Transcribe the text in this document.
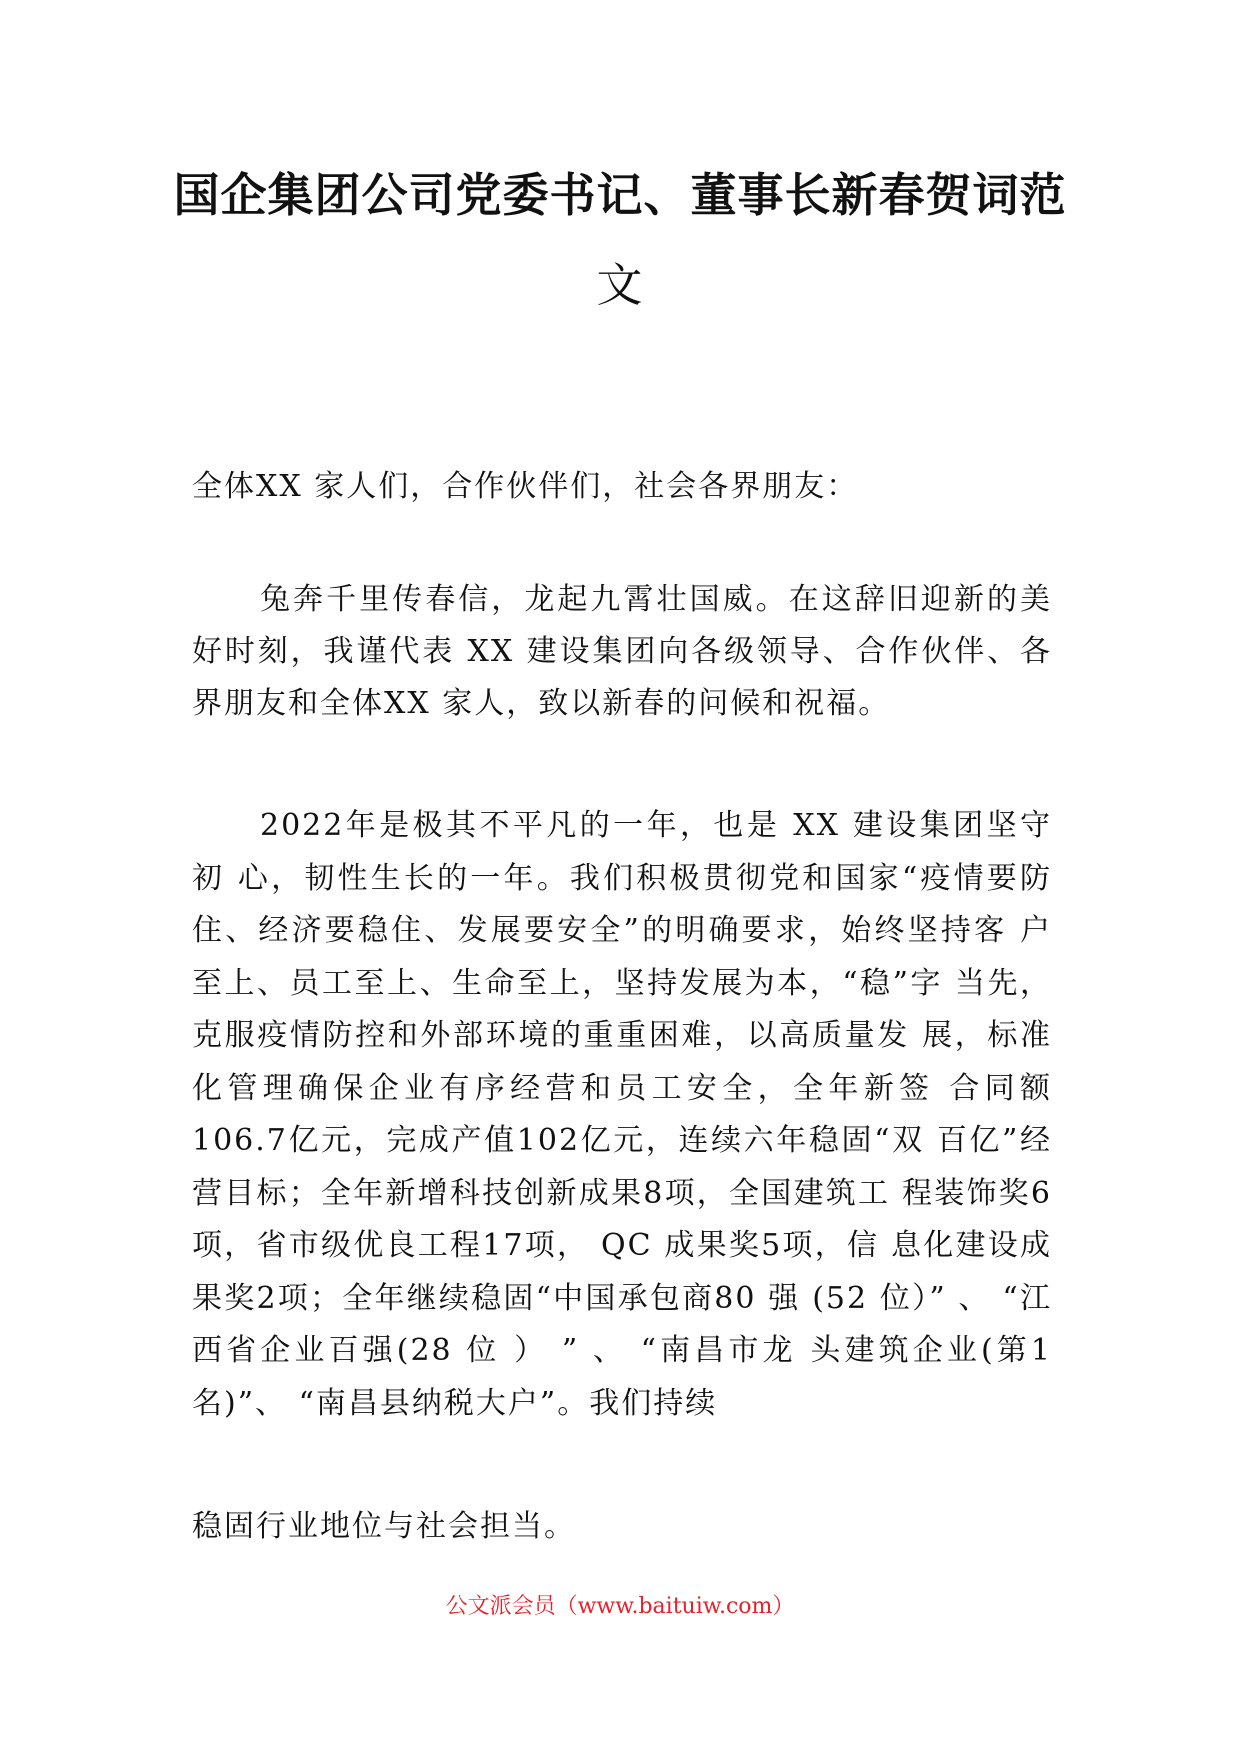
国企集团公司党委书记、董事长新春贺词范
文

全体XX 家人们，合作伙伴们，社会各界朋友：

兔奔千里传春信，龙起九霄壮国威。在这辞旧迎新的美好时刻，我谨代表 XX 建设集团向各级领导、合作伙伴、各界朋友和全体XX 家人，致以新春的问候和祝福。

2022年是极其不平凡的一年，也是 XX 建设集团坚守初 心，韧性生长的一年。我们积极贯彻党和国家“疫情要防 住、经济要稳住、发展要安全”的明确要求，始终坚持客 户至上、员工至上、生命至上，坚持发展为本，“稳”字 当先，克服疫情防控和外部环境的重重困难，以高质量发 展，标准化管理确保企业有序经营和员工安全，全年新签 合同额106.7亿元，完成产值102亿元，连续六年稳固“双 百亿”经营目标；全年新增科技创新成果8项，全国建筑工 程装饰奖6项，省市级优良工程17项， QC 成果奖5项，信 息化建设成果奖2项；全年继续稳固“中国承包商80 强 (52 位）” 、 “江西省企业百强(28 位 ） ” 、 “南昌市龙 头建筑企业(第1名)”、 “南昌县纳税大户”。我们持续

稳固行业地位与社会担当。

公文派会员（www.baituiw.com）
